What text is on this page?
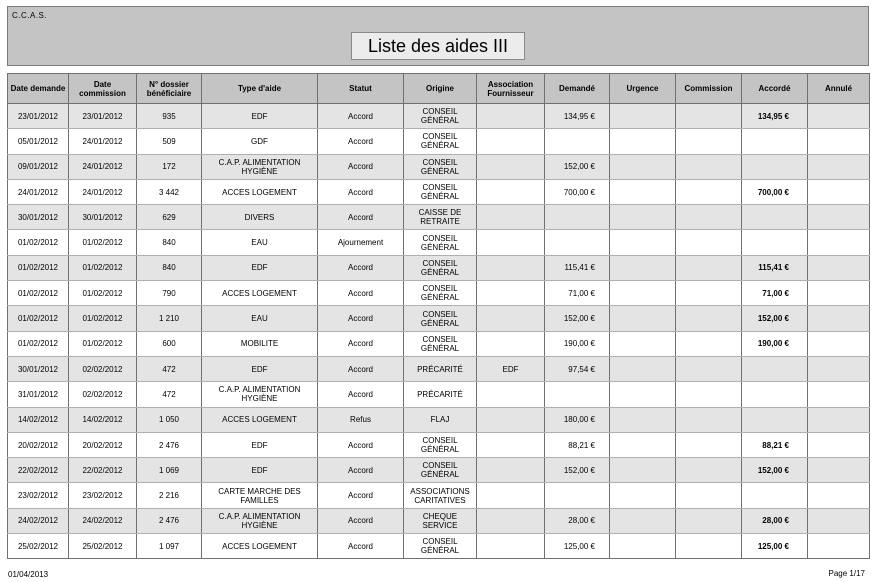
C.C.A.S.
Liste des aides III
Date demande	Date commission	N° dossier bénéficiaire	Type d'aide	Statut	Origine	Association Fournisseur	Demandé	Urgence	Commission	Accordé	Annulé
23/01/2012	23/01/2012	935	EDF	Accord	CONSEIL GÉNÉRAL		134,95 €			134,95 €	
05/01/2012	24/01/2012	509	GDF	Accord	CONSEIL GÉNÉRAL						
09/01/2012	24/01/2012	172	C.A.P. ALIMENTATION HYGIÈNE	Accord	CONSEIL GÉNÉRAL		152,00 €				
24/01/2012	24/01/2012	3 442	ACCES LOGEMENT	Accord	CONSEIL GÉNÉRAL		700,00 €			700,00 €	
30/01/2012	30/01/2012	629	DIVERS	Accord	CAISSE DE RETRAITE						
01/02/2012	01/02/2012	840	EAU	Ajournement	CONSEIL GÉNÉRAL						
01/02/2012	01/02/2012	840	EDF	Accord	CONSEIL GÉNÉRAL		115,41 €			115,41 €	
01/02/2012	01/02/2012	790	ACCES LOGEMENT	Accord	CONSEIL GÉNÉRAL		71,00 €			71,00 €	
01/02/2012	01/02/2012	1 210	EAU	Accord	CONSEIL GÉNÉRAL		152,00 €			152,00 €	
01/02/2012	01/02/2012	600	MOBILITE	Accord	CONSEIL GÉNÉRAL		190,00 €			190,00 €	
30/01/2012	02/02/2012	472	EDF	Accord	PRÉCARITÉ	EDF	97,54 €				
31/01/2012	02/02/2012	472	C.A.P. ALIMENTATION HYGIÈNE	Accord	PRÉCARITÉ						
14/02/2012	14/02/2012	1 050	ACCES LOGEMENT	Refus	FLAJ		180,00 €				
20/02/2012	20/02/2012	2 476	EDF	Accord	CONSEIL GÉNÉRAL		88,21 €			88,21 €	
22/02/2012	22/02/2012	1 069	EDF	Accord	CONSEIL GÉNÉRAL		152,00 €			152,00 €	
23/02/2012	23/02/2012	2 216	CARTE MARCHE DES FAMILLES	Accord	ASSOCIATIONS CARITATIVES						
24/02/2012	24/02/2012	2 476	C.A.P. ALIMENTATION HYGIÈNE	Accord	CHEQUE SERVICE		28,00 €			28,00 €	
25/02/2012	25/02/2012	1 097	ACCES LOGEMENT	Accord	CONSEIL GÉNÉRAL		125,00 €			125,00 €	
01/04/2013	Page 1/17
